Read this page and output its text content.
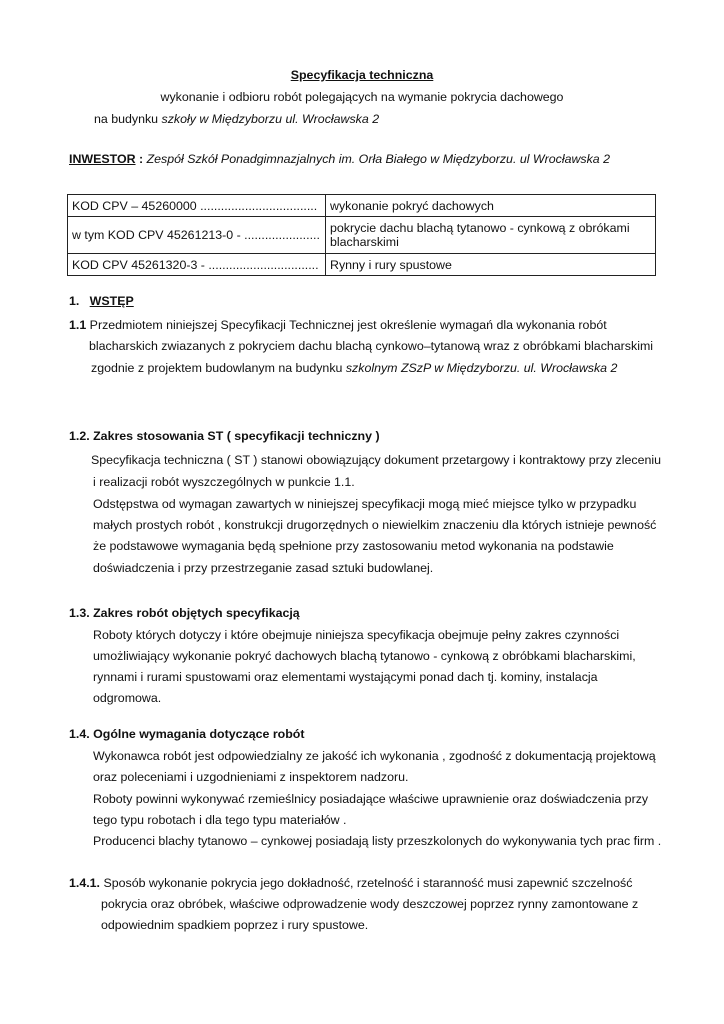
Specyfikacja techniczna
wykonanie i odbioru robót polegających na wymanie pokrycia dachowego
na budynku szkoły w Międzyborzu ul. Wrocławska 2
INWESTOR : Zespół Szkół Ponadgimnazjalnych im. Orła Białego w Międzyborzu. ul Wrocławska 2
KOD CPV – 45260000 ..................................	wykonanie pokryć dachowych
w tym KOD CPV 45261213-0 - ......................	pokrycie dachu blachą tytanowo - cynkową z obrókami blacharskimi
KOD CPV 45261320-3 - ................................	Rynny i rury spustowe
1. WSTĘP
1.1 Przedmiotem niniejszej Specyfikacji Technicznej jest określenie wymagań dla wykonania robót
blacharskich zwiazanych z pokryciem dachu blachą cynkowo–tytanową wraz z obróbkami blacharskimi
zgodnie z projektem budowlanym na budynku szkolnym ZSzP w Międzyborzu. ul. Wrocławska 2
1.2. Zakres stosowania ST ( specyfikacji techniczny )
Specyfikacja techniczna ( ST ) stanowi obowiązujący dokument przetargowy i kontraktowy przy zleceniu
i realizacji robót wyszczególnych w punkcie 1.1.
Odstępstwa od wymagan zawartych w niniejszej specyfikacji mogą mieć miejsce tylko w przypadku
małych prostych robót , konstrukcji drugorzędnych o niewielkim znaczeniu dla których istnieje pewność
że podstawowe wymagania będą spełnione przy zastosowaniu metod wykonania na podstawie
doświadczenia i przy przestrzeganie zasad sztuki budowlanej.
1.3. Zakres robót objętych specyfikacją
Roboty których dotyczy i które obejmuje niniejsza specyfikacja obejmuje pełny zakres czynności
umożliwiający wykonanie pokryć dachowych blachą tytanowo - cynkową z obróbkami blacharskimi,
rynnami i rurami spustowami oraz elementami wystającymi ponad dach tj. kominy, instalacja
odgromowa.
1.4. Ogólne wymagania dotyczące robót
Wykonawca robót jest odpowiedzialny ze jakość ich wykonania , zgodność z dokumentacją projektową
oraz poleceniami i uzgodnieniami z inspektorem nadzoru.
Roboty powinni wykonywać rzemieślnicy posiadające właściwe uprawnienie oraz doświadczenia przy
tego typu robotach i dla tego typu materiałów .
Producenci blachy tytanowo – cynkowej posiadają listy przeszkolonych do wykonywania tych prac firm .
1.4.1. Sposób wykonanie pokrycia jego dokładność, rzetelność i staranność musi zapewnić szczelność
pokrycia oraz obróbek, właściwe odprowadzenie wody deszczowej poprzez rynny zamontowane z
odpowiednim spadkiem poprzez i rury spustowe.
